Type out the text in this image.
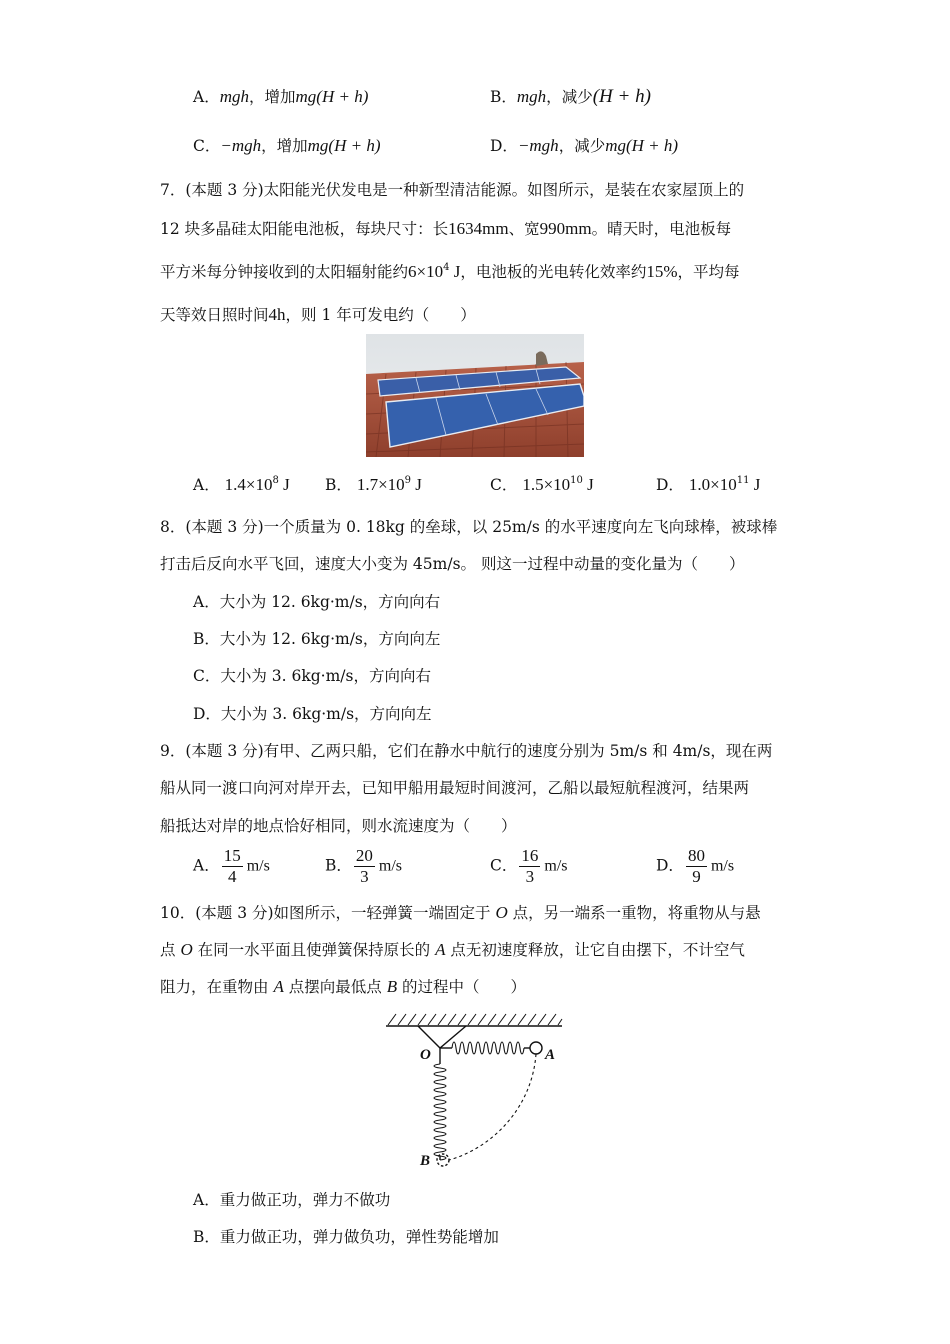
A．mgh，增加mg(H + h)	B．mgh，减少(H + h)
C．−mgh，增加mg(H + h)	D．−mgh，减少mg(H + h)
7．(本题 3 分)太阳能光伏发电是一种新型清洁能源。如图所示，是装在农家屋顶上的
12 块多晶硅太阳能电池板，每块尺寸：长1634mm、宽990mm。晴天时，电池板每
平方米每分钟接收到的太阳辐射能约$6\times 10^4$ J，电池板的光电转化效率约15%，平均每
天等效日照时间4h，则 1 年可发电约（　　）
A． $1.4\times 10^8$ J B． $1.7\times 10^9$ J	C． $1.5\times 10^{10}$ J	D． $1.0\times 10^{11}$ J
8．(本题 3 分)一个质量为 0. 18kg 的垒球，以 25m/s 的水平速度向左飞向球棒，被球棒
打击后反向水平飞回，速度大小变为 45m/s。 则这一过程中动量的变化量为（　　）
A．大小为 12. 6kg·m/s，方向向右
B．大小为 12. 6kg·m/s，方向向左
C．大小为 3. 6kg·m/s，方向向右
D．大小为 3. 6kg·m/s，方向向左
9．(本题 3 分)有甲、乙两只船，它们在静水中航行的速度分别为 5m/s 和 4m/s，现在两
船从同一渡口向河对岸开去，已知甲船用最短时间渡河，乙船以最短航程渡河，结果两
船抵达对岸的地点恰好相同，则水流速度为（　　）
A． $\frac{15}{4} m/s$	B． $\frac{20}{3} m/s$	C． $\frac{16}{3} m/s$	D． $\frac{80}{9} m/s$
10．(本题 3 分)如图所示，一轻弹簧一端固定于 O 点，另一端系一重物，将重物从与悬
点 O 在同一水平面且使弹簧保持原长的 A 点无初速度释放，让它自由摆下，不计空气
阻力，在重物由 A 点摆向最低点 B 的过程中（　　）
O	A
B
A．重力做正功，弹力不做功
B．重力做正功，弹力做负功，弹性势能增加
